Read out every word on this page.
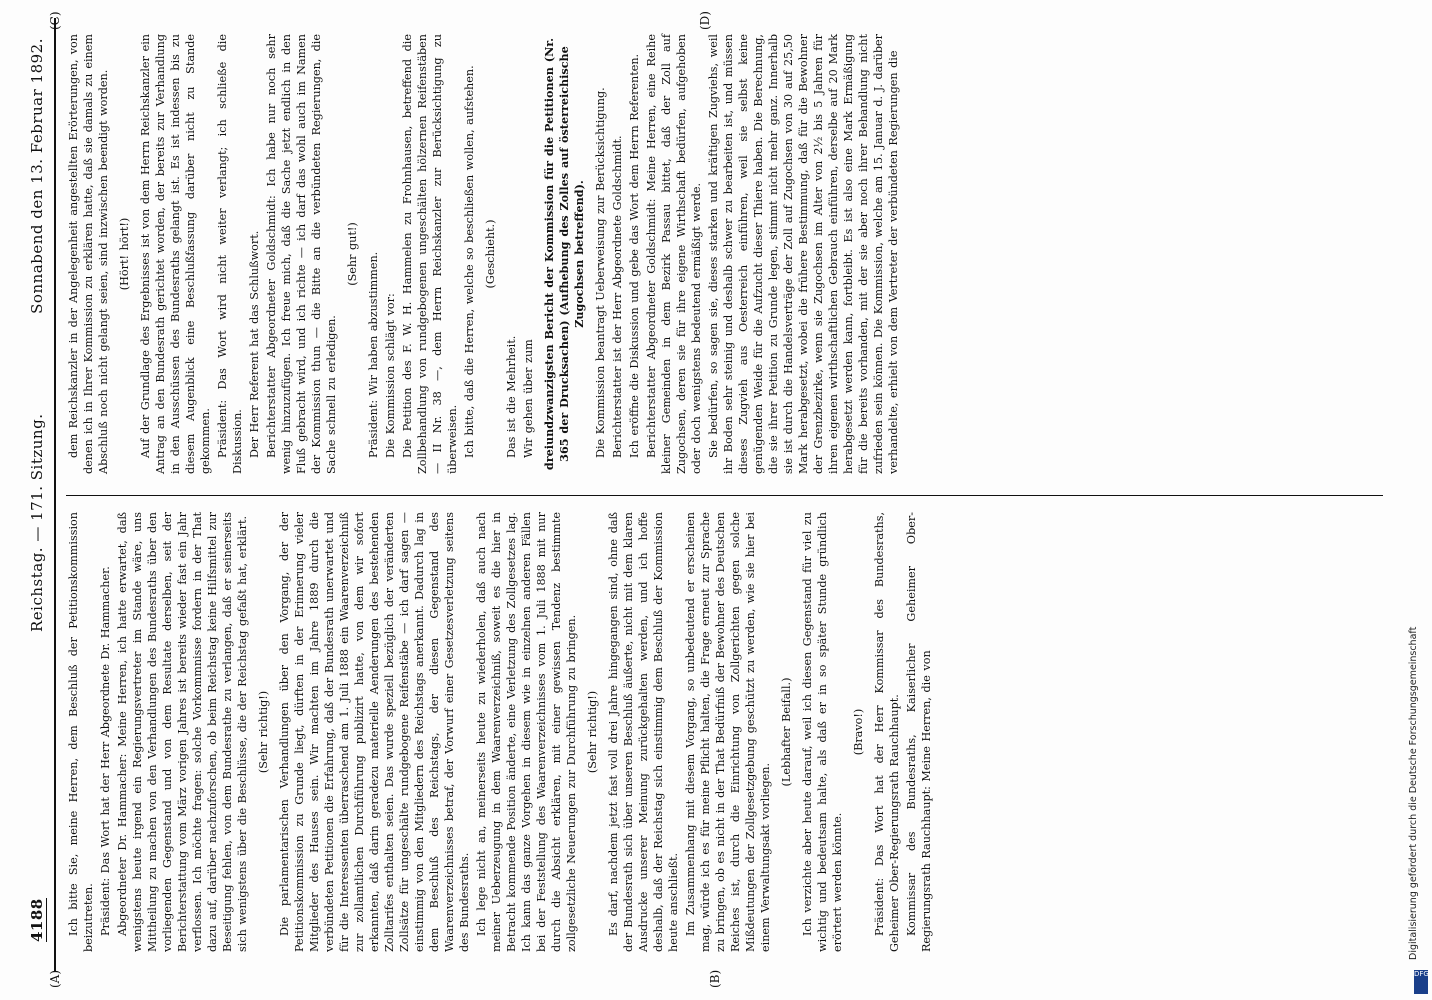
4188
Reichstag. — 171. Sitzung.
Sonnabend den 13. Februar 1892.
(A)	(B)
(C)	(D)

Ich bitte Sie, meine Herren, dem Beschluß der Petitionskommission beizutreten. Präsident: Das Wort hat der Herr Abgeordnete Dr. Hammacher. Abgeordneter Dr. Hammacher: Meine Herren, ich hatte erwartet, daß wenigstens heute irgend ein Regierungsvertreter im Stande wäre, uns Mittheilung zu machen von den Verhandlungen des Bundesraths über den vorliegenden Gegenstand und von dem Resultate derselben, seit der Berichterstattung vom März vorigen Jahres ist bereits wieder fast ein Jahr verflossen. Ich möchte fragen: solche Vorkommnisse fordern in der That dazu auf, darüber nachzuforschen, ob beim Reichstag keine Hilfsmittel zur Beseitigung fehlen, von dem Bundesrathe zu verlangen, daß er seinerseits sich wenigstens über die Beschlüsse, die der Reichstag gefaßt hat, erklärt. (Sehr richtig!) Die parlamentarischen Verhandlungen über den Vorgang, der der Petitionskommission zu Grunde liegt, dürften in der Erinnerung vieler Mitglieder des Hauses sein. Wir machten im Jahre 1889 durch die verbündeten Petitionen die Erfahrung, daß der Bundesrath unerwartet und für die Interessenten überraschend am 1. Juli 1888 ein Waarenverzeichniß zur zollamtlichen Durchführung publizirt hatte, von dem wir sofort erkannten, daß darin geradezu materielle Aenderungen des bestehenden Zolltarifes enthalten seien. Das wurde speziell bezüglich der veränderten Zollsätze für ungeschälte rundgebogene Reifenstäbe — ich darf sagen — einstimmig von den Mitgliedern des Reichstags anerkannt. Dadurch lag in dem Beschluß des Reichstags, der diesen Gegenstand des Waarenverzeichnisses betraf, der Vorwurf einer Gesetzesverletzung seitens des Bundesraths. Ich lege nicht an, meinerseits heute zu wiederholen, daß auch nach meiner Ueberzeugung in dem Waarenverzeichniß, soweit es die hier in Betracht kommende Position änderte, eine Verletzung des Zollgesetzes lag. Ich kann das ganze Vorgehen in diesem wie in einzelnen anderen Fällen bei der Feststellung des Waarenverzeichnisses vom 1. Juli 1888 mit nur durch die Absicht erklären, mit einer gewissen Tendenz bestimmte zollgesetzliche Neuerungen zur Durchführung zu bringen. (Sehr richtig!) Es darf, nachdem jetzt fast voll drei Jahre hingegangen sind, ohne daß der Bundesrath sich über unseren Beschluß äußerte, nicht mit dem klaren Ausdrucke unserer Meinung zurückgehalten werden, und ich hoffe deshalb, daß der Reichstag sich einstimmig dem Beschluß der Kommission heute anschließt. Im Zusammenhang mit diesem Vorgang, so unbedeutend er erscheinen mag, würde ich es für meine Pflicht halten, die Frage erneut zur Sprache zu bringen, ob es nicht in der That Bedürfniß der Bewohner des Deutschen Reiches ist, durch die Einrichtung von Zollgerichten gegen solche Mißdeutungen der Zollgesetzgebung geschützt zu werden, wie sie hier bei einem Verwaltungsakt vorliegen.

(Lebhafter Beifall.) Ich verzichte aber heute darauf, weil ich diesen Gegenstand für viel zu wichtig und bedeutsam halte, als daß er in so später Stunde gründlich erörtert werden könnte.

(Bravo!) Präsident: Das Wort hat der Herr Kommissar des Bundesraths, Geheimer Ober-Regierungsrath Rauchhaupt. Kommissar des Bundesraths, Kaiserlicher Geheimer Ober-Regierungsrath Rauchhaupt: Meine Herren, die von

dem Reichskanzler in der Angelegenheit angestellten Erörterungen, von denen ich in Ihrer Kommission zu erklären hatte, daß sie damals zu einem Abschluß noch nicht gelangt seien, sind inzwischen beendigt worden. (Hört! hört!) Auf der Grundlage des Ergebnisses ist von dem Herrn Reichskanzler ein Antrag an den Bundesrath gerichtet worden, der bereits zur Verhandlung in den Ausschüssen des Bundesraths gelangt ist. Es ist indessen bis zu diesem Augenblick eine Beschlußfassung darüber nicht zu Stande gekommen. Präsident: Das Wort wird nicht weiter verlangt; ich schließe die Diskussion. Der Herr Referent hat das Schlußwort. Berichterstatter Abgeordneter Goldschmidt: Ich habe nur noch sehr wenig hinzuzufügen. Ich freue mich, daß die Sache jetzt endlich in den Fluß gebracht wird, und ich richte — ich darf das wohl auch im Namen der Kommission thun — die Bitte an die verbündeten Regierungen, die Sache schnell zu erledigen.

(Sehr gut!) Präsident: Wir haben abzustimmen. Die Kommission schlägt vor: Die Petition des F. W. H. Hammelen zu Frohnhausen, betreffend die Zollbehandlung von rundgebogenen ungeschälten hölzernen Reifenstäben — II Nr. 38 —, dem Herrn Reichskanzler zur Berücksichtigung zu überweisen. Ich bitte, daß die Herren, welche so beschließen wollen, aufstehen. (Geschieht.)

Das ist die Mehrheit. Wir gehen über zum dreiundzwanzigsten Bericht der Kommission für die Petitionen (Nr. 365 der Drucksachen) (Aufhebung des Zolles auf österreichische Zugochsen betreffend). Die Kommission beantragt Ueberweisung zur Berücksichtigung. Berichterstatter ist der Herr Abgeordnete Goldschmidt. Ich eröffne die Diskussion und gebe das Wort dem Herrn Referenten. Berichterstatter Abgeordneter Goldschmidt: Meine Herren, eine Reihe kleiner Gemeinden in dem Bezirk Passau bittet, daß der Zoll auf Zugochsen, deren sie für ihre eigene Wirthschaft bedürfen, aufgehoben oder doch wenigstens bedeutend ermäßigt werde. Sie bedürfen, so sagen sie, dieses starken und kräftigen Zugviehs, weil ihr Boden sehr steinig und deshalb schwer zu bearbeiten ist, und müssen dieses Zugvieh aus Oesterreich einführen, weil sie selbst keine genügenden Weide für die Aufzucht dieser Thiere haben. Die Berechnung, die sie ihrer Petition zu Grunde legen, stimmt nicht mehr ganz. Innerhalb sie ist durch die Handelsverträge der Zoll auf Zugochsen von 30 auf 25,50 Mark herabgesetzt, wobei die frühere Bestimmung, daß für die Bewohner der Grenzbezirke, wenn sie Zugochsen im Alter von 2½ bis 5 Jahren für ihren eigenen wirthschaftlichen Gebrauch einführen, derselbe auf 20 Mark herabgesetzt werden kann, fortbleibt. Es ist also eine Mark Ermäßigung für die bereits vorhanden, mit der sie aber noch ihrer Behandlung nicht zufrieden sein können. Die Kommission, welche am 15. Januar d. J. darüber verhandelte, erhielt von dem Vertreter der verbündeten Regierungen die

Digitalisierung gefördert durch die Deutsche Forschungsgemeinschaft
DFG
